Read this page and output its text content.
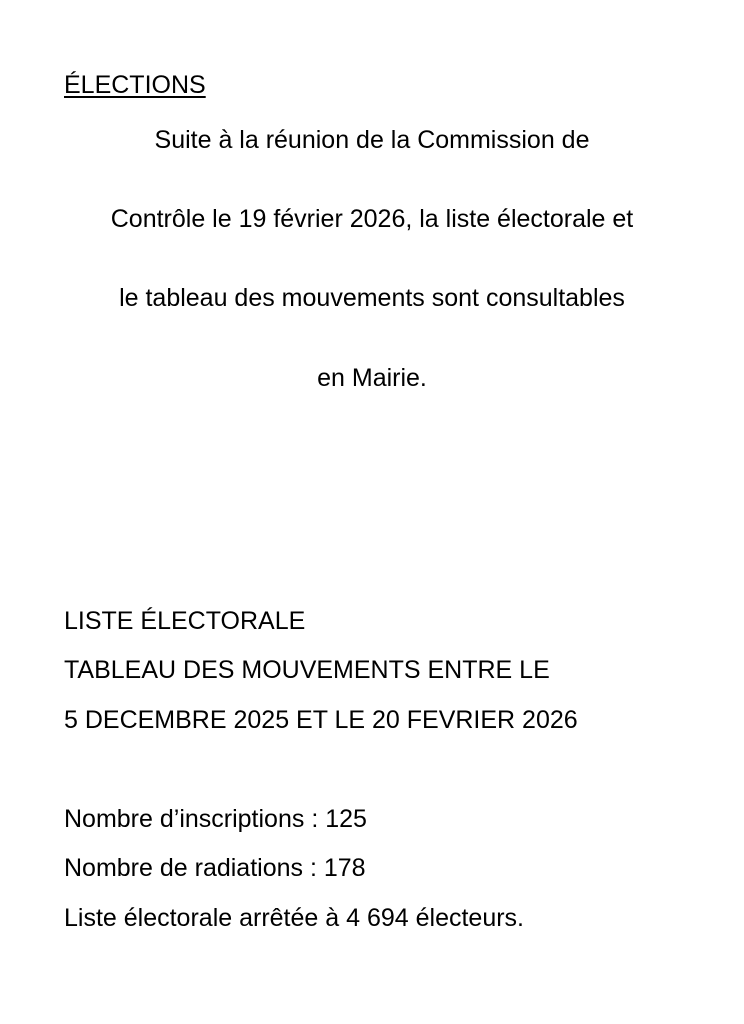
ÉLECTIONS

Suite à la réunion de la Commission de

Contrôle le 19 février 2026, la liste électorale et

le tableau des mouvements sont consultables

en Mairie.

LISTE ÉLECTORALE

TABLEAU DES MOUVEMENTS ENTRE LE

5 DECEMBRE 2025 ET LE 20 FEVRIER 2026

Nombre d’inscriptions : 125

Nombre de radiations : 178

Liste électorale arrêtée à 4 694 électeurs.
